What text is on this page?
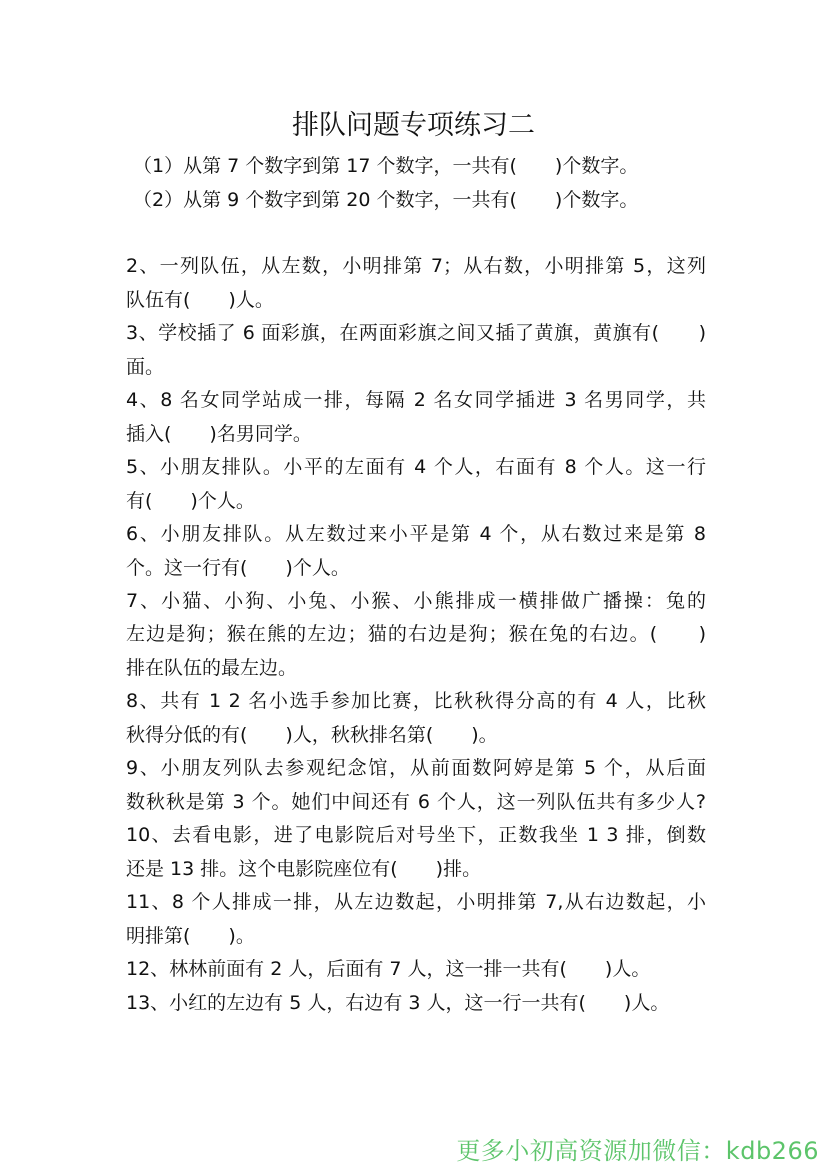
排队问题专项练习二
（1）从第 7 个数字到第 17 个数字，一共有(　　)个数字。
（2）从第 9 个数字到第 20 个数字，一共有(　　)个数字。
2、一列队伍，从左数，小明排第 7；从右数，小明排第 5，这列
队伍有(　　)人。
3、学校插了 6 面彩旗，在两面彩旗之间又插了黄旗，黄旗有(　　)
面。
4、8 名女同学站成一排，每隔 2 名女同学插进 3 名男同学，共
插入(　　)名男同学。
5、小朋友排队。小平的左面有 4 个人，右面有 8 个人。这一行
有(　　)个人。
6、小朋友排队。从左数过来小平是第 4 个，从右数过来是第 8
个。这一行有(　　)个人。
7、小猫、小狗、小兔、小猴、小熊排成一横排做广播操：兔的
左边是狗；猴在熊的左边；猫的右边是狗；猴在兔的右边。(　　)
排在队伍的最左边。
8、共有 1 2 名小选手参加比赛，比秋秋得分高的有 4 人，比秋
秋得分低的有(　　)人，秋秋排名第(　　)。
9、小朋友列队去参观纪念馆，从前面数阿婷是第 5 个，从后面
数秋秋是第 3 个。她们中间还有 6 个人，这一列队伍共有多少人?
10、去看电影，进了电影院后对号坐下，正数我坐 1 3 排，倒数
还是 13 排。这个电影院座位有(　　)排。
11、8 个人排成一排，从左边数起，小明排第 7,从右边数起，小
明排第(　　)。
12、林林前面有 2 人，后面有 7 人，这一排一共有(　　)人。
13、小红的左边有 5 人，右边有 3 人，这一行一共有(　　)人。
更多小初高资源加微信：kdb266
